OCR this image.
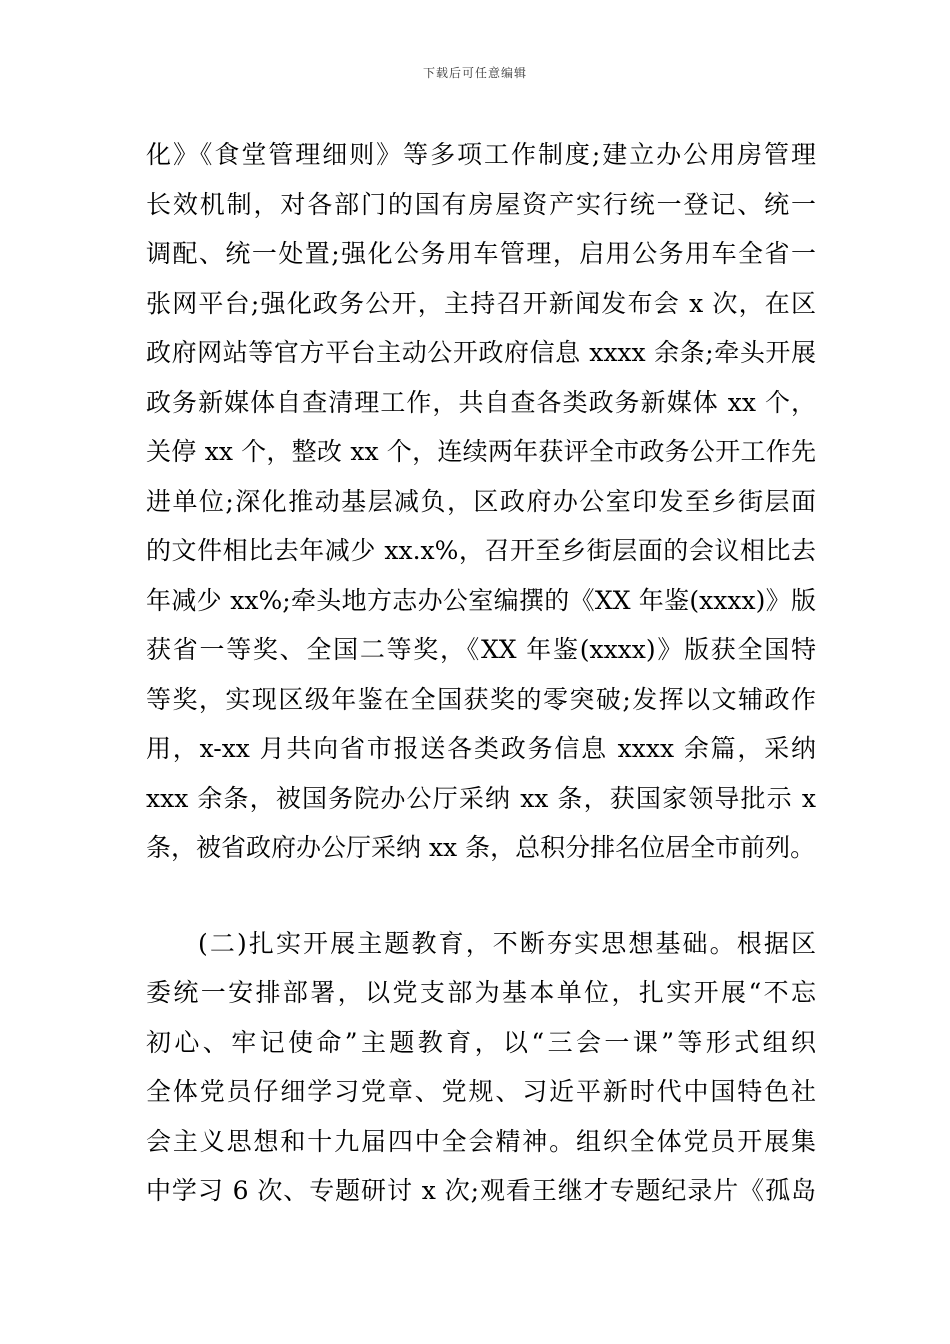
下载后可任意编辑
化》《食堂管理细则》等多项工作制度;建立办公用房管理
长效机制，对各部门的国有房屋资产实行统一登记、统一
调配、统一处置;强化公务用车管理，启用公务用车全省一
张网平台;强化政务公开，主持召开新闻发布会 x 次，在区
政府网站等官方平台主动公开政府信息 xxxx 余条;牵头开展
政务新媒体自查清理工作，共自查各类政务新媒体 xx 个，
关停 xx 个，整改 xx 个，连续两年获评全市政务公开工作先
进单位;深化推动基层减负，区政府办公室印发至乡街层面
的文件相比去年减少 xx.x%，召开至乡街层面的会议相比去
年减少 xx%;牵头地方志办公室编撰的《XX 年鉴(xxxx)》版
获省一等奖、全国二等奖，《XX 年鉴(xxxx)》版获全国特
等奖，实现区级年鉴在全国获奖的零突破;发挥以文辅政作
用，x-xx 月共向省市报送各类政务信息 xxxx 余篇，采纳
xxx 余条，被国务院办公厅采纳 xx 条，获国家领导批示 x
条，被省政府办公厅采纳 xx 条，总积分排名位居全市前列。
(二)扎实开展主题教育，不断夯实思想基础。根据区
委统一安排部署，以党支部为基本单位，扎实开展“不忘
初心、牢记使命”主题教育，以“三会一课”等形式组织
全体党员仔细学习党章、党规、习近平新时代中国特色社
会主义思想和十九届四中全会精神。组织全体党员开展集
中学习 6 次、专题研讨 x 次;观看王继才专题纪录片《孤岛
